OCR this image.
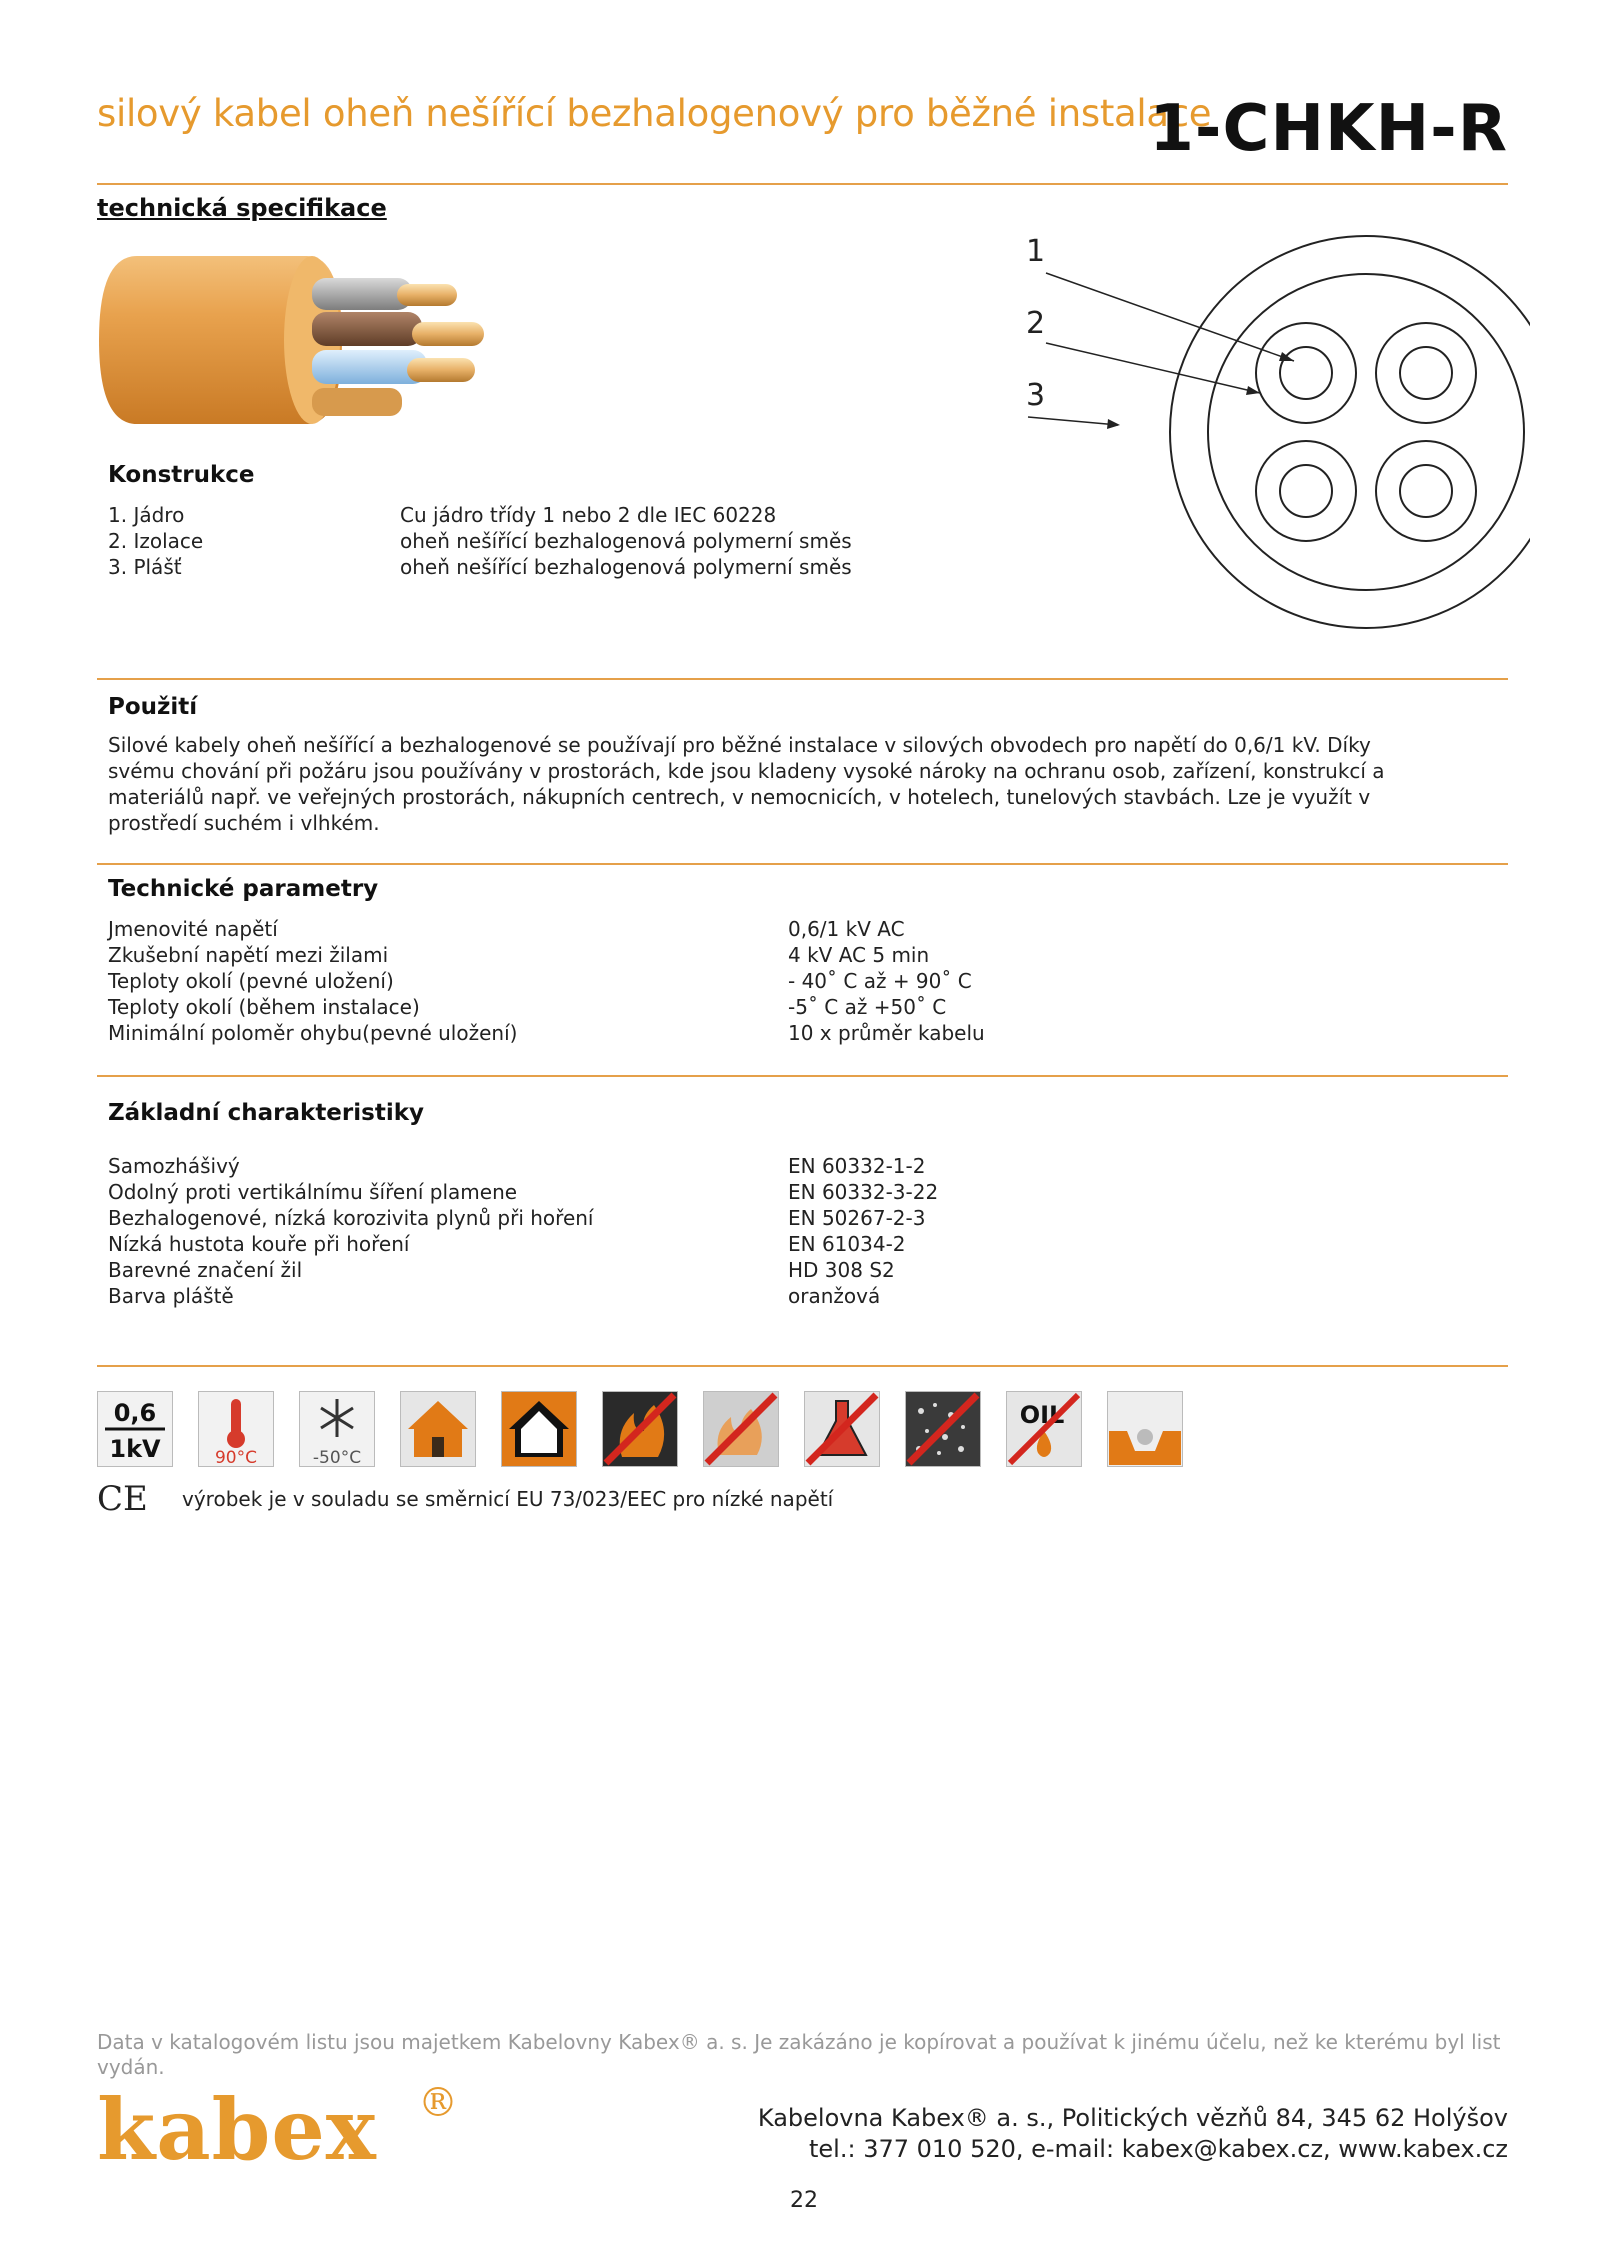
silový kabel oheň nešířící bezhalogenový pro běžné instalace
1-CHKH-R
technická specifikace
1
2
3
Konstrukce
1. Jádro	Cu jádro třídy 1 nebo 2 dle IEC 60228
2. Izolace	oheň nešířící bezhalogenová polymerní směs
3. Plášť	oheň nešířící bezhalogenová polymerní směs
Použití
Silové kabely oheň nešířící a bezhalogenové se používají pro běžné instalace v silových obvodech pro napětí do 0,6/1 kV. Díky
svému chování při požáru jsou používány v prostorách, kde jsou kladeny vysoké nároky na ochranu osob, zařízení, konstrukcí a
materiálů např. ve veřejných prostorách, nákupních centrech, v nemocnicích, v hotelech, tunelových stavbách. Lze je využít v
prostředí suchém i vlhkém.
Technické parametry
Jmenovité napětí	0,6/1 kV AC
Zkušební napětí mezi žilami	4 kV AC 5 min
Teploty okolí (pevné uložení)	- 40˚ C až + 90˚ C
Teploty okolí (během instalace)	-5˚ C až +50˚ C
Minimální poloměr ohybu(pevné uložení)	10 x průměr kabelu
Základní charakteristiky
Samozhášivý	EN 60332-1-2
Odolný proti vertikálnímu šíření plamene	EN 60332-3-22
Bezhalogenové, nízká korozivita plynů při hoření	EN 50267-2-3
Nízká hustota kouře při hoření	EN 61034-2
Barevné značení žil	HD 308 S2
Barva pláště	oranžová
0,6
1kV	90°C	-50°C
OIL
CE výrobek je v souladu se směrnicí EU 73/023/EEC pro nízké napětí
Data v katalogovém listu jsou majetkem Kabelovny Kabex® a. s. Je zakázáno je kopírovat a používat k jinému účelu, než ke kterému byl list vydán.
kabex ®	Kabelovna Kabex® a. s., Politických vězňů 84, 345 62 Holýšov
tel.: 377 010 520, e-mail: kabex@kabex.cz, www.kabex.cz
22
